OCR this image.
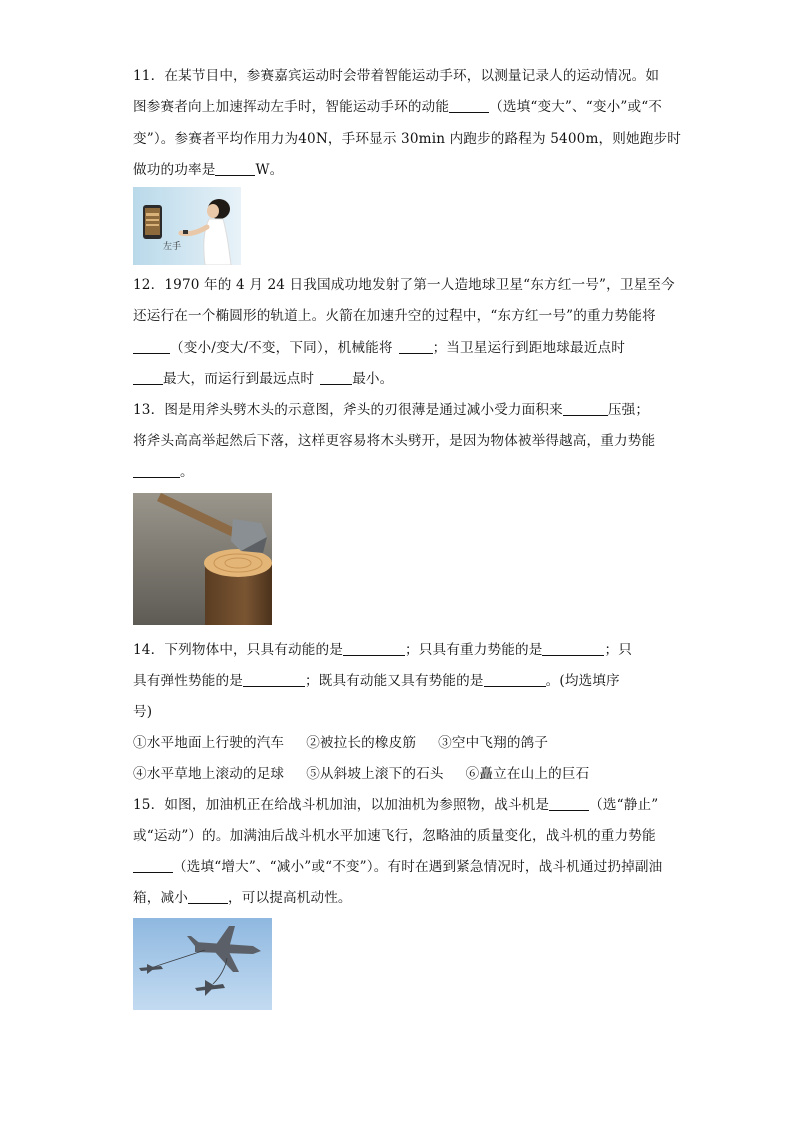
11．在某节目中，参赛嘉宾运动时会带着智能运动手环，以测量记录人的运动情况。如
图参赛者向上加速挥动左手时，智能运动手环的动能	（选填“变大”、“变小”或“不
变”）。参赛者平均作用力为40N，手环显示 30min 内跑步的路程为 5400m，则她跑步时
做功的功率是	W。
左手
12．1970 年的 4 月 24 日我国成功地发射了第一人造地球卫星“东方红一号”，卫星至今
还运行在一个椭圆形的轨道上。火箭在加速升空的过程中，“东方红一号”的重力势能将
（变小/变大/不变，下同），机械能将	；当卫星运行到距地球最近点时
最大，而运行到最远点时	最小。
13．图是用斧头劈木头的示意图，斧头的刃很薄是通过减小受力面积来	压强；
将斧头高高举起然后下落，这样更容易将木头劈开，是因为物体被举得越高，重力势能
。
14．下列物体中，只具有动能的是	；只具有重力势能的是	；只
具有弹性势能的是	；既具有动能又具有势能的是	。(均选填序
号)
①水平地面上行驶的汽车 ②被拉长的橡皮筋 ③空中飞翔的鸽子
④水平草地上滚动的足球 ⑤从斜坡上滚下的石头 ⑥矗立在山上的巨石
15．如图，加油机正在给战斗机加油，以加油机为参照物，战斗机是	（选“静止”
或“运动”）的。加满油后战斗机水平加速飞行，忽略油的质量变化，战斗机的重力势能
（选填“增大”、“减小”或“不变”）。有时在遇到紧急情况时，战斗机通过扔掉副油
箱，减小	，可以提高机动性。
